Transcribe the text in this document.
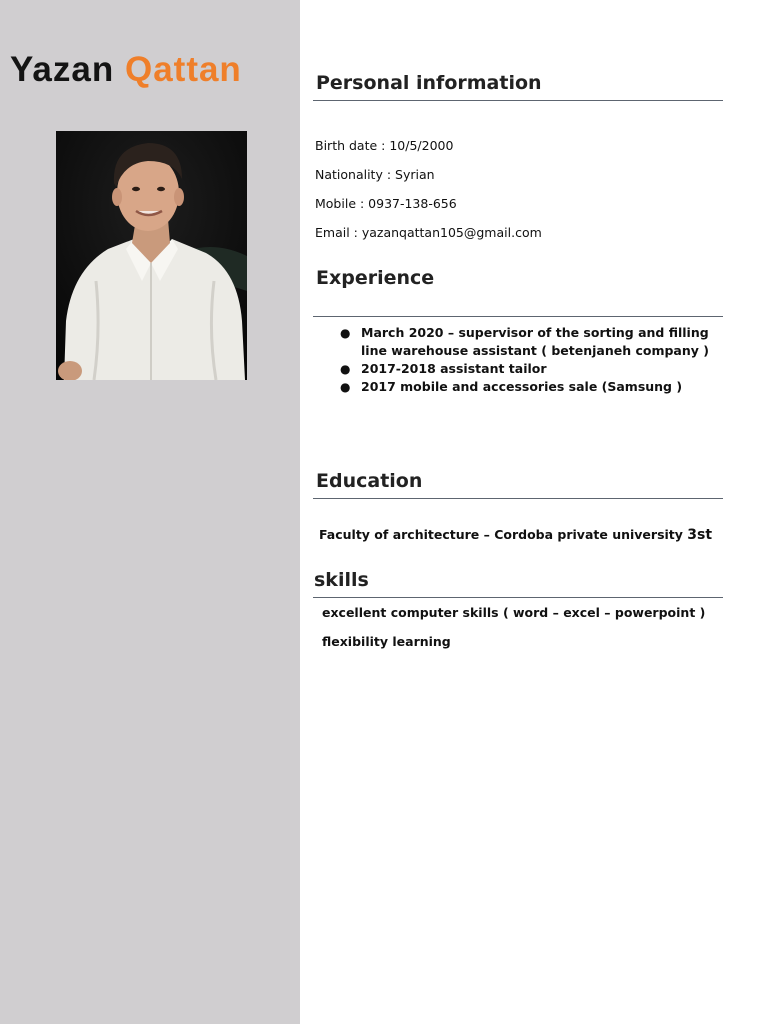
Yazan Qattan	Personal information

Birth date : 10/5/2000

Nationality : Syrian

Mobile : 0937-138-656

Email : yazanqattan105@gmail.com

Experience
● March 2020 – supervisor of the sorting and filling line warehouse assistant ( betenjaneh company )
● 2017-2018 assistant tailor
● 2017 mobile and accessories sale (Samsung )
Education

Faculty of architecture – Cordoba private university 3st

skills

excellent computer skills ( word – excel – powerpoint )

flexibility learning
